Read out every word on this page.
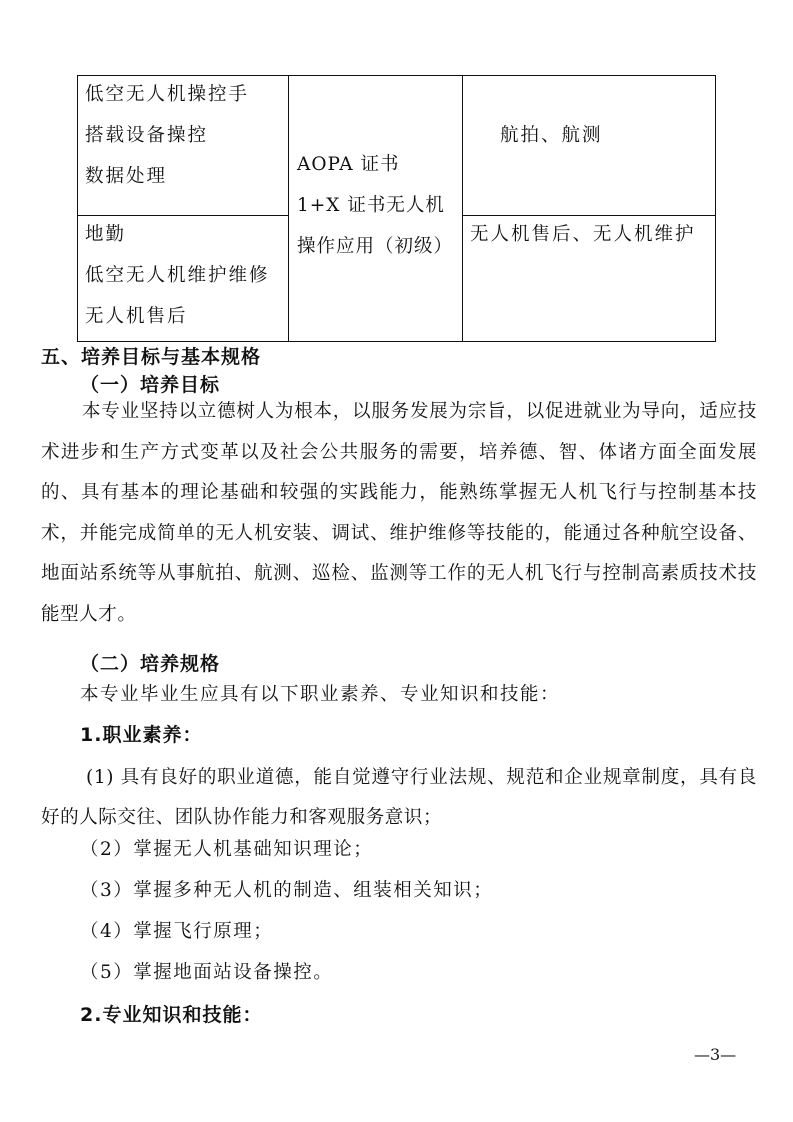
低空无人机操控手
搭载设备操控
数据处理
地勤
低空无人机维护维修
无人机售后
AOPA 证书
1+X 证书无人机
操作应用（初级）
航拍、航测
无人机售后、无人机维护
五、培养目标与基本规格
（一）培养目标
本专业坚持以立德树人为根本，以服务发展为宗旨，以促进就业为导向，适应技术进步和生产方式变革以及社会公共服务的需要，培养德、智、体诸方面全面发展的、具有基本的理论基础和较强的实践能力，能熟练掌握无人机飞行与控制基本技术，并能完成简单的无人机安装、调试、维护维修等技能的，能通过各种航空设备、地面站系统等从事航拍、航测、巡检、监测等工作的无人机飞行与控制高素质技术技能型人才。
（二）培养规格
本专业毕业生应具有以下职业素养、专业知识和技能：
1.职业素养：
(1) 具有良好的职业道德，能自觉遵守行业法规、规范和企业规章制度，具有良好的人际交往、团队协作能力和客观服务意识；
（2）掌握无人机基础知识理论；
（3）掌握多种无人机的制造、组装相关知识；
（4）掌握飞行原理；
（5）掌握地面站设备操控。
2.专业知识和技能：
—3—
